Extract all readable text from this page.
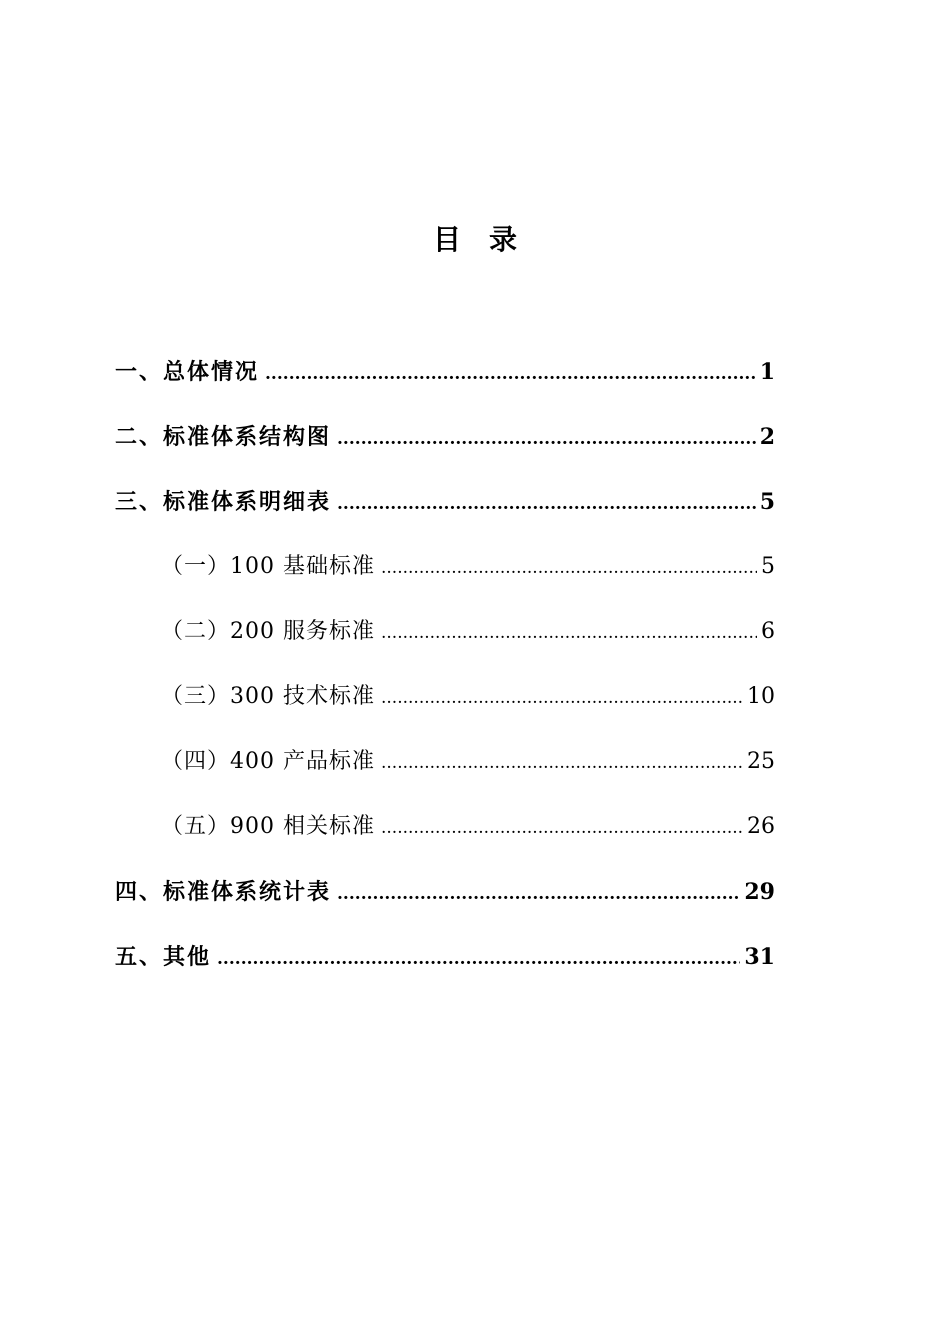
目录
一、总体情况 .....	1
二、标准体系结构图 .....	2
三、标准体系明细表 .....	5
（一）100 基础标准 .....	5
（二）200 服务标准 .....	6
（三）300 技术标准 .....	10
（四）400 产品标准 .....	25
（五）900 相关标准 .....	26
四、标准体系统计表 .....	29
五、其他 .....	31
